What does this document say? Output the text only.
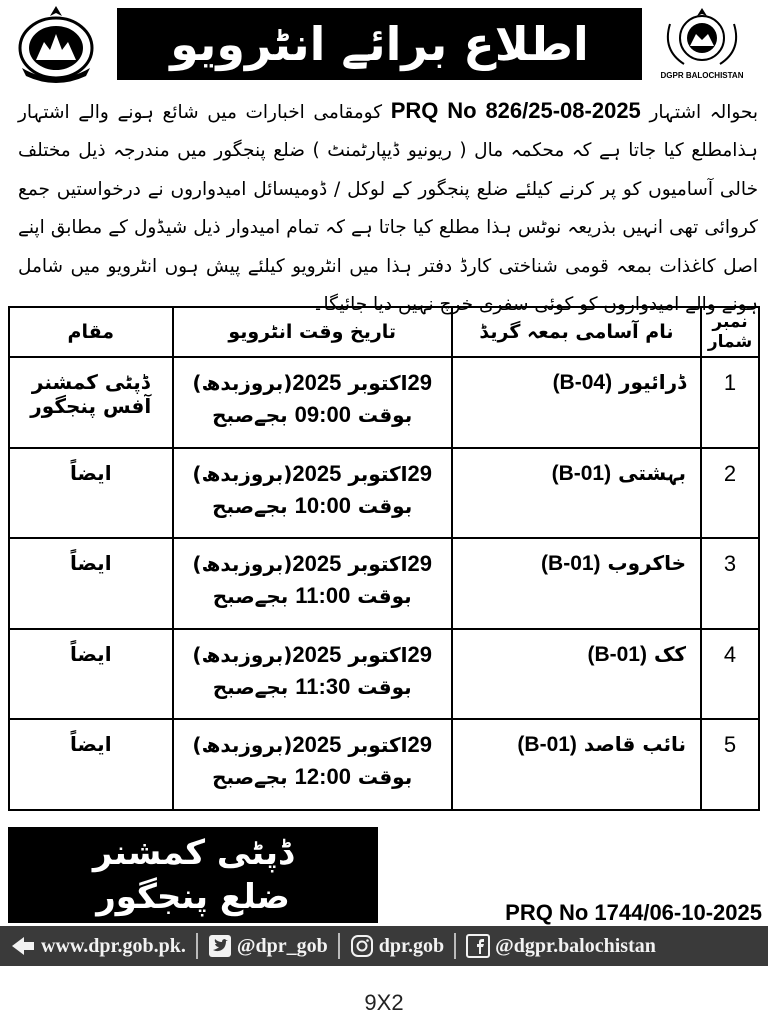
اطلاع برائے انٹرویو
DGPR BALOCHISTAN
بحوالہ اشتہار PRQ No 826/25-08-2025 کومقامی اخبارات میں شائع ہونے والے اشتہار ہذامطلع کیا جاتا ہے کہ محکمہ مال ( ریونیو ڈیپارٹمنٹ ) ضلع پنجگور میں مندرجہ ذیل مختلف خالی آسامیوں کو پر کرنے کیلئے ضلع پنجگور کے لوکل / ڈومیسائل امیدواروں نے درخواستیں جمع کروائی تھی انہیں بذریعہ نوٹس ہذا مطلع کیا جاتا ہے کہ تمام امیدوار ذیل شیڈول کے مطابق اپنے اصل کاغذات بمعہ قومی شناختی کارڈ دفتر ہذا میں انٹرویو کیلئے پیش ہوں انٹرویو میں شامل ہونے والے امیدواروں کو کوئی سفری خرچ نہیں دیا جائیگا۔
نمبر شمار	نام آسامی بمعہ گریڈ	تاریخ وقت انٹرویو	مقام
1	ڈرائیور (B-04)	29اکتوبر 2025(بروزبدھ)
بوقت 09:00 بجےصبح	ڈپٹی کمشنر آفس پنجگور

2	بہشتی (B-01)	29اکتوبر 2025(بروزبدھ)
بوقت 10:00 بجےصبح	ایضاً

3	خاکروب (B-01)	29اکتوبر 2025(بروزبدھ)
بوقت 11:00 بجےصبح	ایضاً

4	کک (B-01)	29اکتوبر 2025(بروزبدھ)
بوقت 11:30 بجےصبح	ایضاً

5	نائب قاصد (B-01)	29اکتوبر 2025(بروزبدھ)
بوقت 12:00 بجےصبح	ایضاً
ڈپٹی کمشنر
ضلع پنجگور	PRQ No 1744/06-10-2025
www.dpr.gob.pk.	@dpr_gob	dpr.gob	@dgpr.balochistan
9X2
